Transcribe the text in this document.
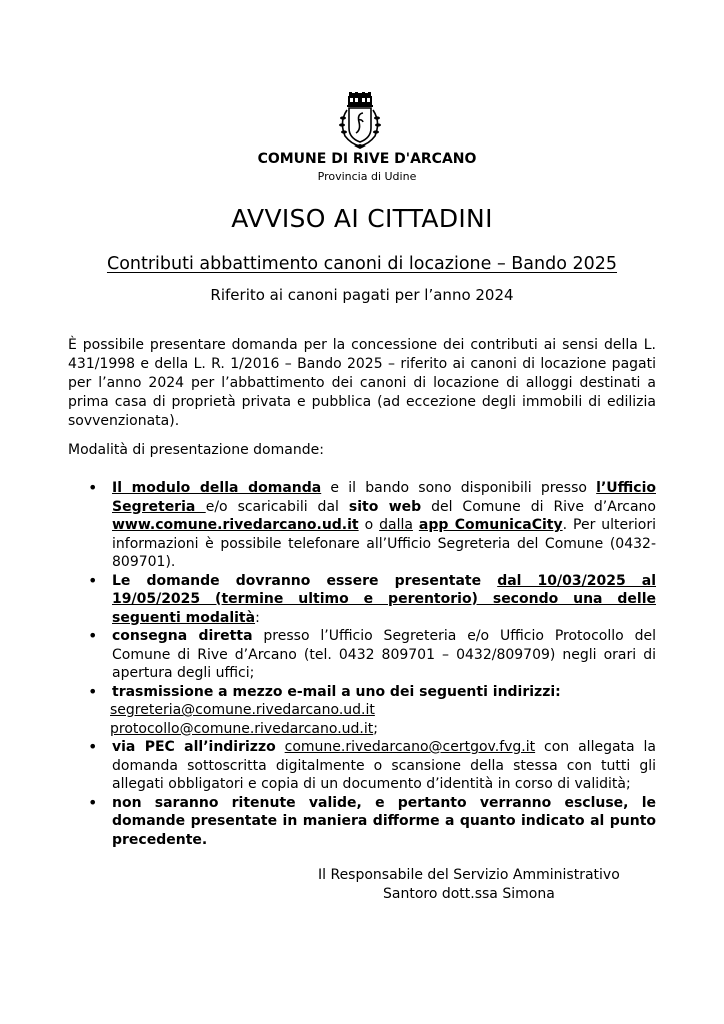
COMUNE DI RIVE D'ARCANO
Provincia di Udine
AVVISO AI CITTADINI
Contributi abbattimento canoni di locazione – Bando 2025
Riferito ai canoni pagati per l’anno 2024
È possibile presentare domanda per la concessione dei contributi ai sensi della L. 431/1998 e della L. R. 1/2016 – Bando 2025 – riferito ai canoni di locazione pagati per l’anno 2024 per l’abbattimento dei canoni di locazione di alloggi destinati a prima casa di proprietà privata e pubblica (ad eccezione degli immobili di edilizia sovvenzionata).
Modalità di presentazione domande:
• Il modulo della domanda e il bando sono disponibili presso l’Ufficio Segreteria e/o scaricabili dal sito web del Comune di Rive d’Arcano www.comune.rivedarcano.ud.it o dalla app ComunicaCity. Per ulteriori informazioni è possibile telefonare all’Ufficio Segreteria del Comune (0432-809701).
• Le domande dovranno essere presentate dal 10/03/2025 al 19/05/2025 (termine ultimo e perentorio) secondo una delle seguenti modalità:
• consegna diretta presso l’Ufficio Segreteria e/o Ufficio Protocollo del Comune di Rive d’Arcano (tel. 0432 809701 – 0432/809709) negli orari di apertura degli uffici;
• trasmissione a mezzo e-mail a uno dei seguenti indirizzi:
segreteria@comune.rivedarcano.ud.it
protocollo@comune.rivedarcano.ud.it;
• via PEC all’indirizzo comune.rivedarcano@certgov.fvg.it con allegata la domanda sottoscritta digitalmente o scansione della stessa con tutti gli allegati obbligatori e copia di un documento d’identità in corso di validità;
• non saranno ritenute valide, e pertanto verranno escluse, le domande presentate in maniera difforme a quanto indicato al punto precedente.
Il Responsabile del Servizio Amministrativo
Santoro dott.ssa Simona
